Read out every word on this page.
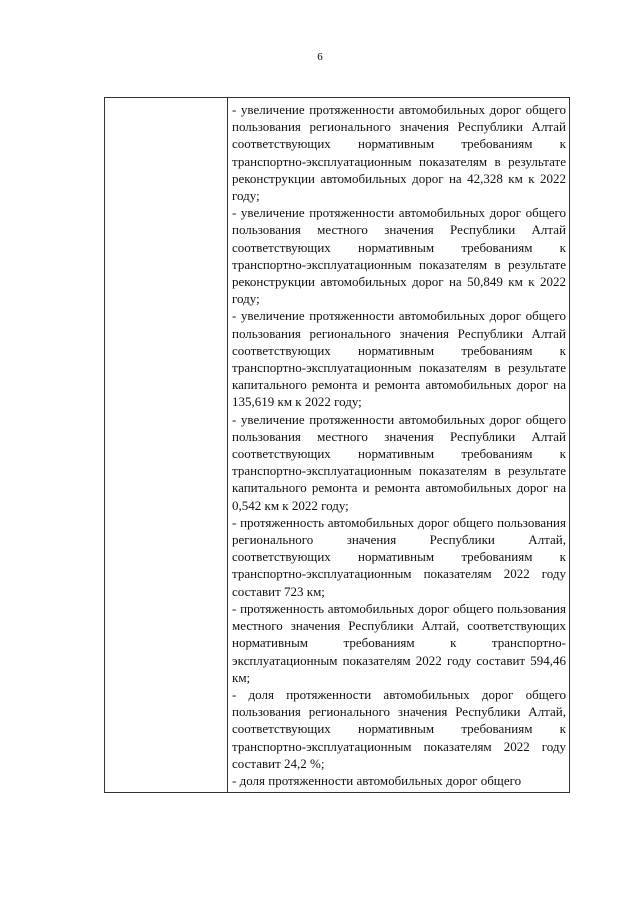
6

- увеличение протяженности автомобильных дорог общего пользования регионального значения Республики Алтай соответствующих нормативным требованиям к транспортно-эксплуатационным показателям в результате реконструкции автомобильных дорог на 42,328 км к 2022 году;

- увеличение протяженности автомобильных дорог общего пользования местного значения Республики Алтай соответствующих нормативным требованиям к транспортно-эксплуатационным показателям в результате реконструкции автомобильных дорог на 50,849 км к 2022 году;

- увеличение протяженности автомобильных дорог общего пользования регионального значения Республики Алтай соответствующих нормативным требованиям к транспортно-эксплуатационным показателям в результате капитального ремонта и ремонта автомобильных дорог на 135,619 км к 2022 году;

- увеличение протяженности автомобильных дорог общего пользования местного значения Республики Алтай соответствующих нормативным требованиям к транспортно-эксплуатационным показателям в результате капитального ремонта и ремонта автомобильных дорог на 0,542 км к 2022 году;

- протяженность автомобильных дорог общего пользования регионального значения Республики Алтай, соответствующих нормативным требованиям к транспортно-эксплуатационным показателям 2022 году составит 723 км;

- протяженность автомобильных дорог общего пользования местного значения Республики Алтай, соответствующих нормативным требованиям к транспортно-эксплуатационным показателям 2022 году составит 594,46 км;

- доля протяженности автомобильных дорог общего пользования регионального значения Республики Алтай, соответствующих нормативным требованиям к транспортно-эксплуатационным показателям 2022 году составит 24,2 %;

- доля протяженности автомобильных дорог общего
